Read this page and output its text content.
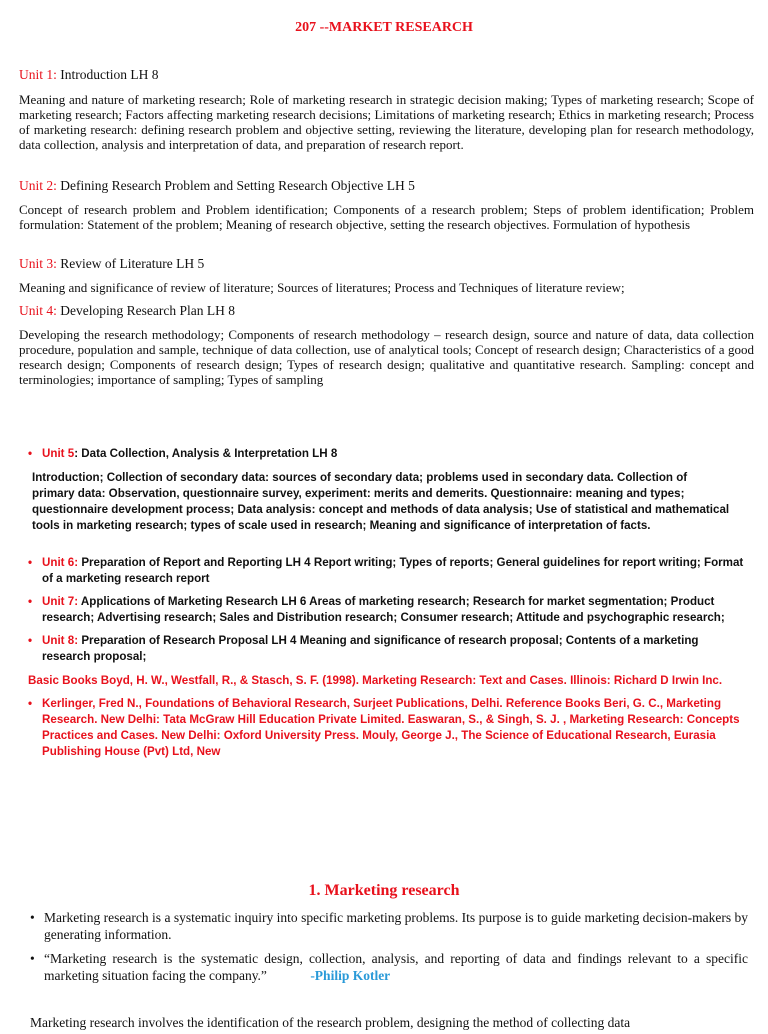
207 --MARKET RESEARCH
Unit 1: Introduction LH 8
Meaning and nature of marketing research; Role of marketing research in strategic decision making; Types of marketing research; Scope of marketing research; Factors affecting marketing research decisions; Limitations of marketing research; Ethics in marketing research; Process of marketing research: defining research problem and objective setting, reviewing the literature, developing plan for research methodology, data collection, analysis and interpretation of data, and preparation of research report.
Unit 2: Defining Research Problem and Setting Research Objective LH 5
Concept of research problem and Problem identification; Components of a research problem; Steps of problem identification; Problem formulation: Statement of the problem; Meaning of research objective, setting the research objectives. Formulation of hypothesis
Unit 3: Review of Literature LH 5
Meaning and significance of review of literature; Sources of literatures; Process and Techniques of literature review;
Unit 4: Developing Research Plan LH 8
Developing the research methodology; Components of research methodology – research design, source and nature of data, data collection procedure, population and sample, technique of data collection, use of analytical tools; Concept of research design; Characteristics of a good research design; Components of research design; Types of research design; qualitative and quantitative research. Sampling: concept and terminologies; importance of sampling; Types of sampling
• Unit 5: Data Collection, Analysis & Interpretation LH 8
Introduction; Collection of secondary data: sources of secondary data; problems used in secondary data. Collection of primary data: Observation, questionnaire survey, experiment: merits and demerits. Questionnaire: meaning and types; questionnaire development process; Data analysis: concept and methods of data analysis; Use of statistical and mathematical tools in marketing research; types of scale used in research; Meaning and significance of interpretation of facts.
• Unit 6: Preparation of Report and Reporting LH 4 Report writing; Types of reports; General guidelines for report writing; Format of a marketing research report
• Unit 7: Applications of Marketing Research LH 6 Areas of marketing research; Research for market segmentation; Product research; Advertising research; Sales and Distribution research; Consumer research; Attitude and psychographic research;
• Unit 8: Preparation of Research Proposal LH 4 Meaning and significance of research proposal; Contents of a marketing research proposal;
Basic Books Boyd, H. W., Westfall, R., & Stasch, S. F. (1998). Marketing Research: Text and Cases. Illinois: Richard D Irwin Inc.
• Kerlinger, Fred N., Foundations of Behavioral Research, Surjeet Publications, Delhi. Reference Books Beri, G. C., Marketing Research. New Delhi: Tata McGraw Hill Education Private Limited. Easwaran, S., & Singh, S. J. , Marketing Research: Concepts Practices and Cases. New Delhi: Oxford University Press. Mouly, George J., The Science of Educational Research, Eurasia Publishing House (Pvt) Ltd, New
1. Marketing research
• Marketing research is a systematic inquiry into specific marketing problems. Its purpose is to guide marketing decision-makers by generating information.
• “Marketing research is the systematic design, collection, analysis, and reporting of data and findings relevant to a specific marketing situation facing the company.”	-Philip Kotler
Marketing research involves the identification of the research problem, designing the method of collecting data
